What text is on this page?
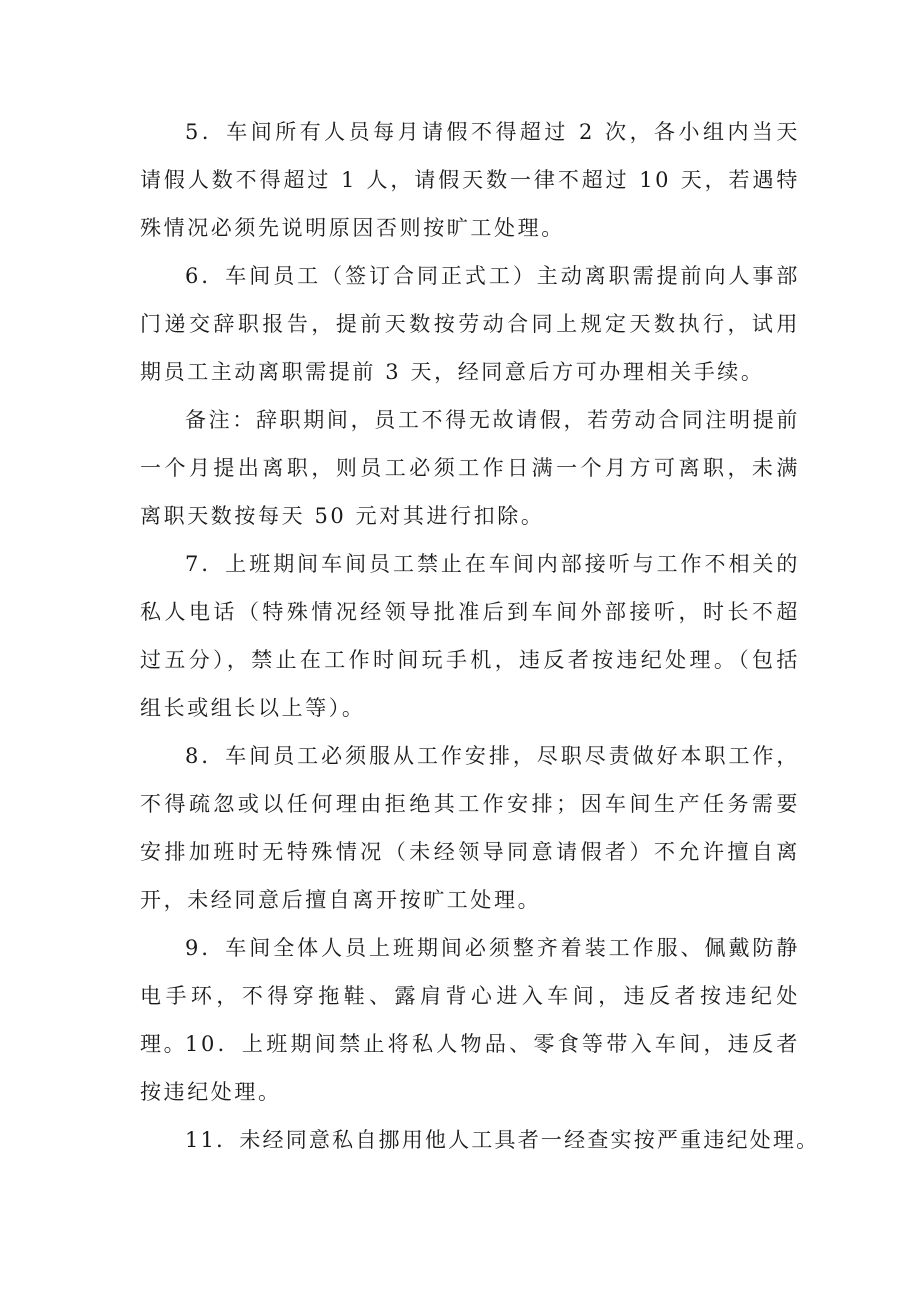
5．车间所有人员每月请假不得超过 2 次，各小组内当天请假人数不得超过 1 人，请假天数一律不超过 10 天，若遇特殊情况必须先说明原因否则按旷工处理。

6．车间员工（签订合同正式工）主动离职需提前向人事部门递交辞职报告，提前天数按劳动合同上规定天数执行，试用期员工主动离职需提前 3 天，经同意后方可办理相关手续。

备注：辞职期间，员工不得无故请假，若劳动合同注明提前一个月提出离职，则员工必须工作日满一个月方可离职，未满离职天数按每天 50 元对其进行扣除。

7．上班期间车间员工禁止在车间内部接听与工作不相关的私人电话（特殊情况经领导批准后到车间外部接听，时长不超过五分），禁止在工作时间玩手机，违反者按违纪处理。（包括组长或组长以上等）。

8．车间员工必须服从工作安排，尽职尽责做好本职工作，不得疏忽或以任何理由拒绝其工作安排；因车间生产任务需要安排加班时无特殊情况（未经领导同意请假者）不允许擅自离开，未经同意后擅自离开按旷工处理。

9．车间全体人员上班期间必须整齐着装工作服、佩戴防静电手环，不得穿拖鞋、露肩背心进入车间，违反者按违纪处理。

10．上班期间禁止将私人物品、零食等带入车间，违反者按违纪处理。

11．未经同意私自挪用他人工具者一经查实按严重违纪处理。
